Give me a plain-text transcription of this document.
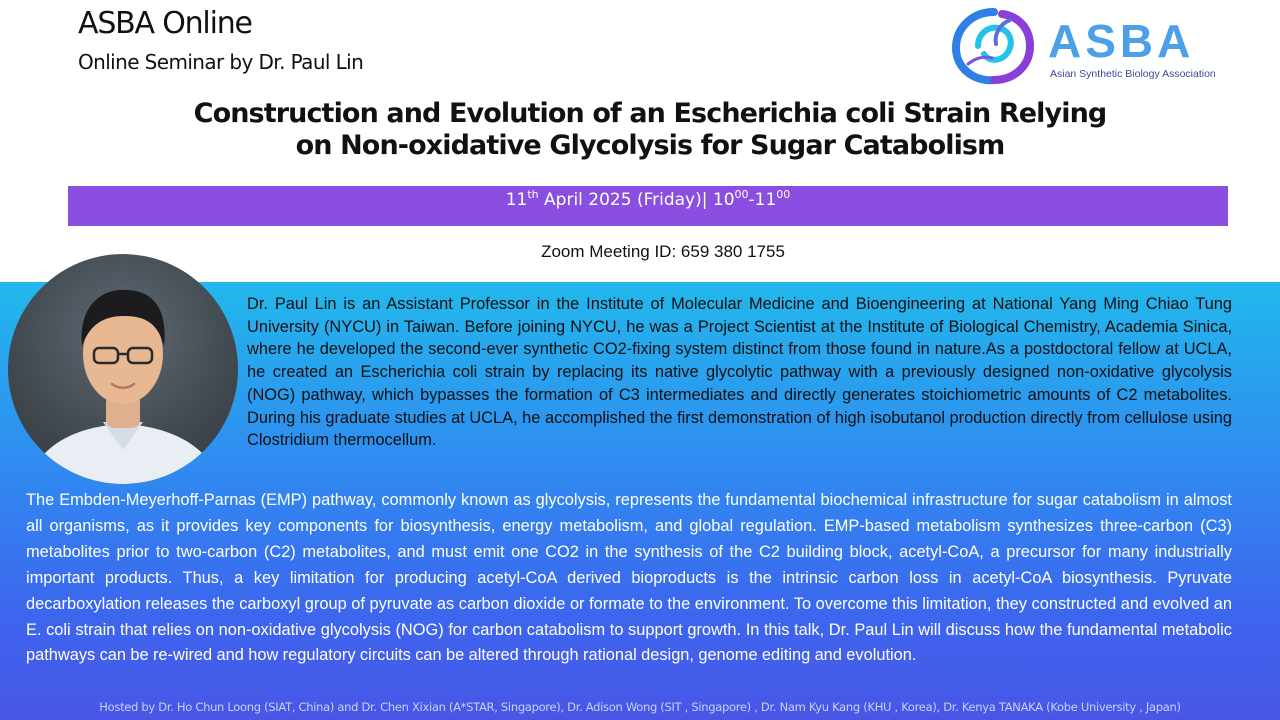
ASBA Online
Online Seminar by Dr. Paul Lin	ASBA
Asian Synthetic Biology Association
Construction and Evolution of an Escherichia coli Strain Relying
on Non-oxidative Glycolysis for Sugar Catabolism
11th April 2025 (Friday)| $10^{00}-11^{00}$
Zoom Meeting ID: 659 380 1755
Dr. Paul Lin is an Assistant Professor in the Institute of Molecular Medicine and Bioengineering at National Yang Ming Chiao Tung University (NYCU) in Taiwan. Before joining NYCU, he was a Project Scientist at the Institute of Biological Chemistry, Academia Sinica, where he developed the second-ever synthetic CO2-fixing system distinct from those found in nature.As a postdoctoral fellow at UCLA, he created an Escherichia coli strain by replacing its native glycolytic pathway with a previously designed non-oxidative glycolysis (NOG) pathway, which bypasses the formation of C3 intermediates and directly generates stoichiometric amounts of C2 metabolites. During his graduate studies at UCLA, he accomplished the first demonstration of high isobutanol production directly from cellulose using Clostridium thermocellum.
The Embden-Meyerhoff-Parnas (EMP) pathway, commonly known as glycolysis, represents the fundamental biochemical infrastructure for sugar catabolism in almost all organisms, as it provides key components for biosynthesis, energy metabolism, and global regulation. EMP-based metabolism synthesizes three-carbon (C3) metabolites prior to two-carbon (C2) metabolites, and must emit one CO2 in the synthesis of the C2 building block, acetyl-CoA, a precursor for many industrially important products. Thus, a key limitation for producing acetyl-CoA derived bioproducts is the intrinsic carbon loss in acetyl-CoA biosynthesis. Pyruvate decarboxylation releases the carboxyl group of pyruvate as carbon dioxide or formate to the environment. To overcome this limitation, they constructed and evolved an E. coli strain that relies on non-oxidative glycolysis (NOG) for carbon catabolism to support growth. In this talk, Dr. Paul Lin will discuss how the fundamental metabolic pathways can be re-wired and how regulatory circuits can be altered through rational design, genome editing and evolution.
Hosted by Dr. Ho Chun Loong (SIAT, China) and Dr. Chen Xixian (A*STAR, Singapore), Dr. Adison Wong (SIT , Singapore) , Dr. Nam Kyu Kang (KHU , Korea), Dr. Kenya TANAKA (Kobe University , Japan)
